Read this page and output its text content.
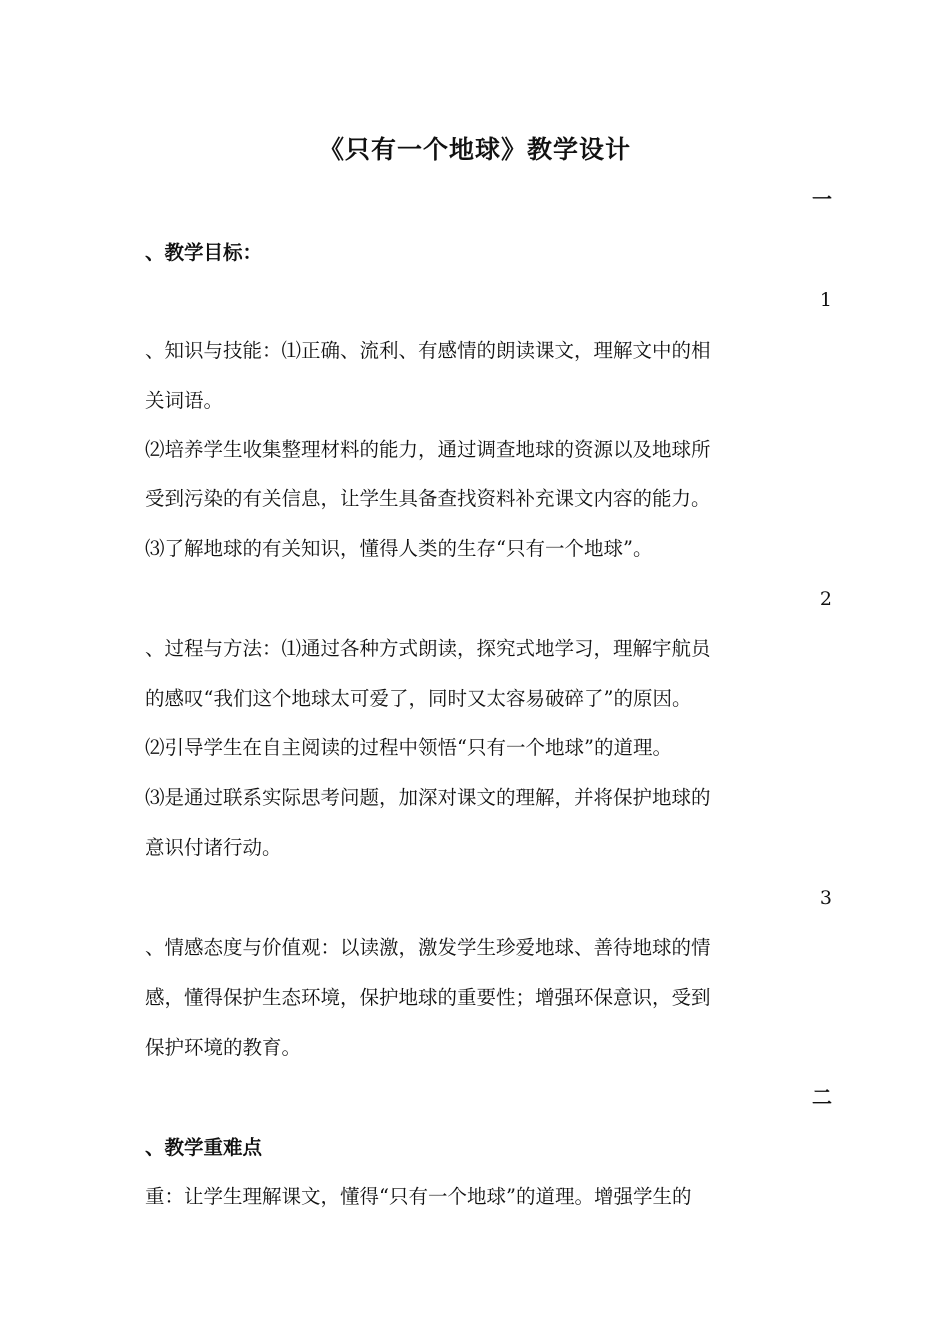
《只有一个地球》教学设计
一
、教学目标：
1
、知识与技能：⑴正确、流利、有感情的朗读课文，理解文中的相
关词语。
⑵培养学生收集整理材料的能力，通过调查地球的资源以及地球所
受到污染的有关信息，让学生具备查找资料补充课文内容的能力。
⑶了解地球的有关知识，懂得人类的生存“只有一个地球”。
2
、过程与方法：⑴通过各种方式朗读，探究式地学习，理解宇航员
的感叹“我们这个地球太可爱了，同时又太容易破碎了”的原因。
⑵引导学生在自主阅读的过程中领悟“只有一个地球”的道理。
⑶是通过联系实际思考问题，加深对课文的理解，并将保护地球的
意识付诸行动。
3
、情感态度与价值观：以读激，激发学生珍爱地球、善待地球的情
感，懂得保护生态环境，保护地球的重要性；增强环保意识，受到
保护环境的教育。
二
、教学重难点
重：让学生理解课文，懂得“只有一个地球”的道理。增强学生的
